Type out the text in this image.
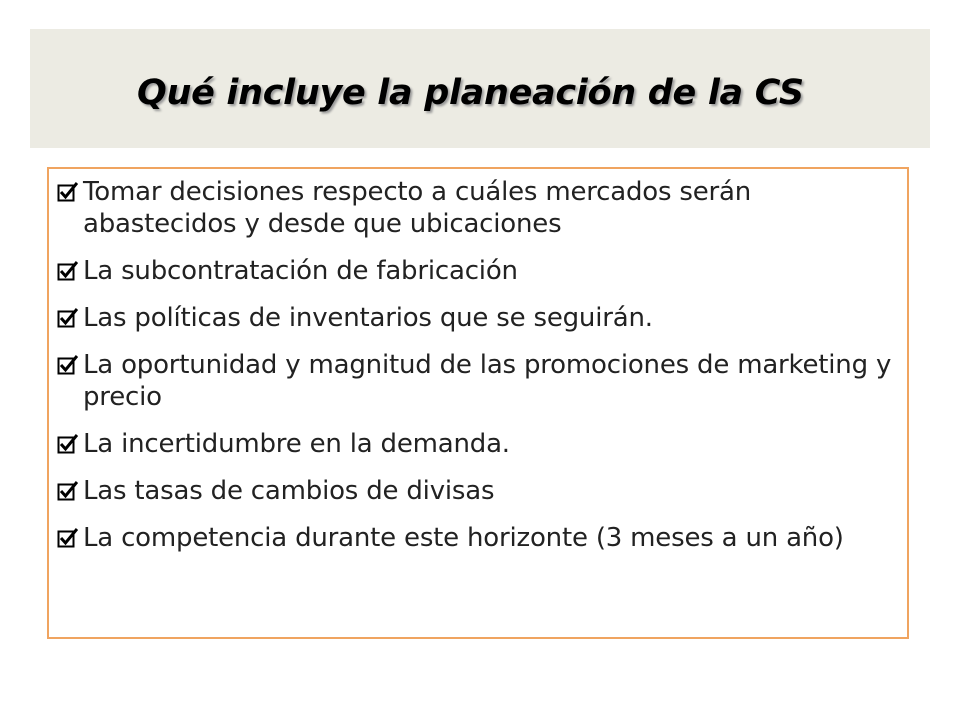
Qué incluye la planeación de la CS
Tomar decisiones respecto a cuáles mercados serán abastecidos y desde que ubicaciones
La subcontratación de fabricación
Las políticas de inventarios que se seguirán.
La oportunidad y magnitud de las promociones de marketing y precio
La incertidumbre en la demanda.
Las tasas de cambios de divisas
La competencia durante este horizonte (3 meses a un año)
